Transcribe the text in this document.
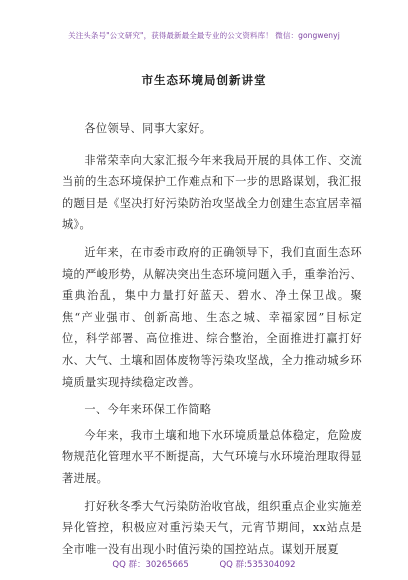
关注头条号"公文研究"，获得最新最全最专业的公文资料库！ 微信：gongwenyj
市生态环境局创新讲堂

各位领导、同事大家好。

非常荣幸向大家汇报今年来我局开展的具体工作、交流当前的生态环境保护工作难点和下一步的思路谋划，我汇报的题目是《坚决打好污染防治攻坚战全力创建生态宜居幸福城》。

近年来，在市委市政府的正确领导下，我们直面生态环境的严峻形势，从解决突出生态环境问题入手，重拳治污、重典治乱，集中力量打好蓝天、碧水、净土保卫战。聚焦“产业强市、创新高地、生态之城、幸福家园”目标定位，科学部署、高位推进、综合整治，全面推进打赢打好水、大气、土壤和固体废物等污染攻坚战，全力推动城乡环境质量实现持续稳定改善。

一、今年来环保工作简略

今年来，我市土壤和地下水环境质量总体稳定，危险废物规范化管理水平不断提高，大气环境与水环境治理取得显著进展。

打好秋冬季大气污染防治收官战，组织重点企业实施差异化管控，积极应对重污染天气，元宵节期间，xx站点是全市唯一没有出现小时值污染的国控站点。谋划开展夏

QQ 群：30265665	QQ 群:535304092
